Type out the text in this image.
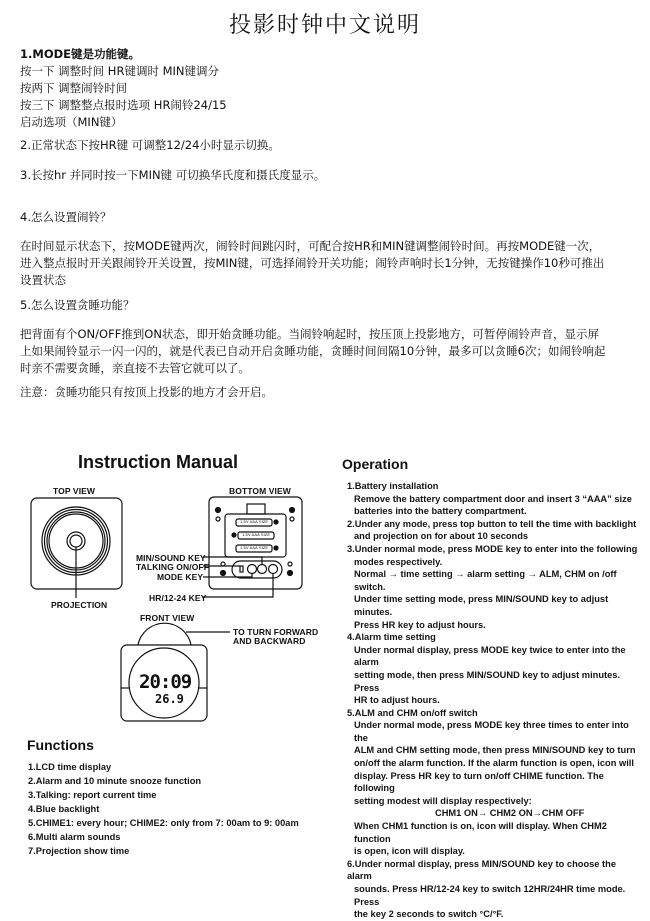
投影时钟中文说明
1.MODE键是功能键。
按一下 调整时间 HR键调时 MIN键调分
按两下 调整闹铃时间
按三下 调整整点报时选项 HR闹铃24/15
启动选项（MIN键）
2.正常状态下按HR键 可调整12/24小时显示切换。
3.长按hr 并同时按一下MIN键 可切换华氏度和摄氏度显示。
4.怎么设置闹铃？
在时间显示状态下，按MODE键两次，闹铃时间跳闪时，可配合按HR和MIN键调整闹铃时间。再按MODE键一次，
进入整点报时开关跟闹铃开关设置，按MIN键，可选择闹铃开关功能；闹铃声响时长1分钟，无按键操作10秒可推出
设置状态
5.怎么设置贪睡功能？
把背面有个ON/OFF推到ON状态，即开始贪睡功能。当闹铃响起时，按压顶上投影地方，可暂停闹铃声音，显示屏
上如果闹铃显示一闪一闪的，就是代表已自动开启贪睡功能，贪睡时间间隔10分钟，最多可以贪睡6次；如闹铃响起
时亲不需要贪睡，亲直接不去管它就可以了。
注意：贪睡功能只有按顶上投影的地方才会开启。
Instruction Manual
TOP VIEW	BOTTOM VIEW
1.5V AAA SIZE
1.5V AAA SIZE
1.5V AAA SIZE
PROJECTION
MIN/SOUND KEY
TALKING ON/OFF
MODE KEY
HR/12-24 KEY
FRONT VIEW
TO TURN FORWARD
AND BACKWARD
20:09
26.9
Functions
1.LCD time display
2.Alarm and 10 minute snooze function
3.Talking: report current time
4.Blue backlight
5.CHIME1: every hour; CHIME2: only from 7: 00am to 9: 00am
6.Multi alarm sounds
7.Projection show time
Operation
1.Battery installation
Remove the battery compartment door and insert 3 “AAA” size
batteries into the battery compartment.
2.Under any mode, press top button to tell the time with backlight
and projection on for about 10 seconds
3.Under normal mode, press MODE key to enter into the following
modes respectively.
Normal → time setting → alarm setting → ALM, CHM on /off switch.
Under time setting mode, press MIN/SOUND key to adjust minutes.
Press HR key to adjust hours.
4.Alarm time setting
Under normal display, press MODE key twice to enter into the alarm
setting mode, then press MIN/SOUND key to adjust minutes. Press
HR to adjust hours.
5.ALM and CHM on/off switch
Under normal mode, press MODE key three times to enter into the
ALM and CHM setting mode, then press MIN/SOUND key to turn
on/off the alarm function. If the alarm function is open, icon will
display. Press HR key to turn on/off CHIME function. The following
setting modest will display respectively:
CHM1 ON→ CHM2 ON→CHM OFF
When CHM1 function is on, icon will display. When CHM2 function
is open, icon will display.
6.Under normal display, press MIN/SOUND key to choose the alarm
sounds. Press HR/12-24 key to switch 12HR/24HR time mode. Press
the key 2 seconds to switch °C/°F.
